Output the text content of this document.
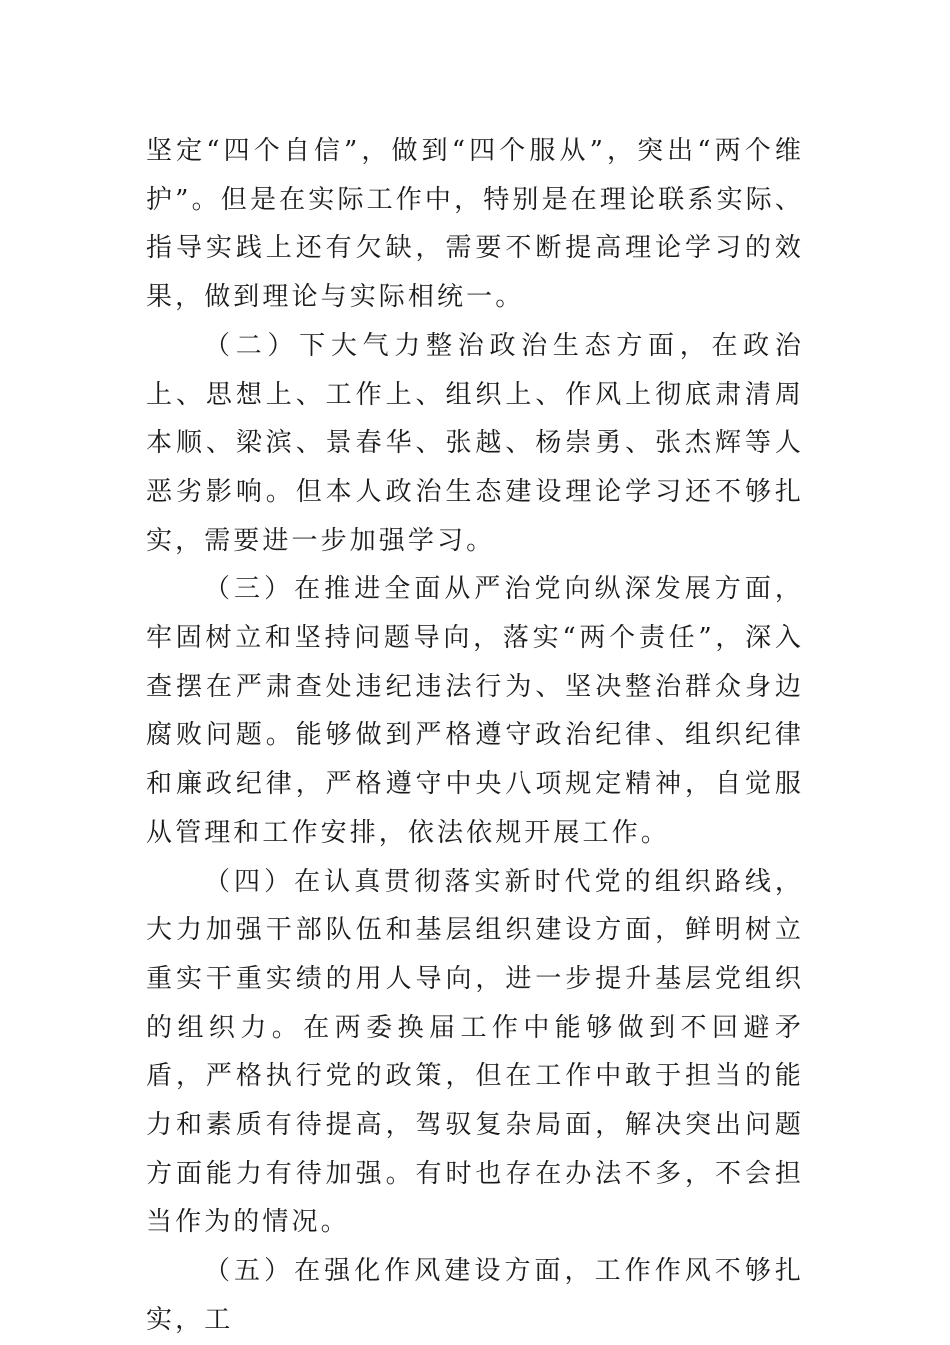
坚定“四个自信”，做到“四个服从”，突出“两个维护”。但是在实际工作中，特别是在理论联系实际、指导实践上还有欠缺，需要不断提高理论学习的效果，做到理论与实际相统一。

（二）下大气力整治政治生态方面，在政治上、思想上、工作上、组织上、作风上彻底肃清周本顺、梁滨、景春华、张越、杨崇勇、张杰辉等人恶劣影响。但本人政治生态建设理论学习还不够扎实，需要进一步加强学习。

（三）在推进全面从严治党向纵深发展方面，牢固树立和坚持问题导向，落实“两个责任”，深入查摆在严肃查处违纪违法行为、坚决整治群众身边腐败问题。能够做到严格遵守政治纪律、组织纪律和廉政纪律，严格遵守中央八项规定精神，自觉服从管理和工作安排，依法依规开展工作。

（四）在认真贯彻落实新时代党的组织路线，大力加强干部队伍和基层组织建设方面，鲜明树立重实干重实绩的用人导向，进一步提升基层党组织的组织力。在两委换届工作中能够做到不回避矛盾，严格执行党的政策，但在工作中敢于担当的能力和素质有待提高，驾驭复杂局面，解决突出问题方面能力有待加强。有时也存在办法不多，不会担当作为的情况。

（五）在强化作风建设方面，工作作风不够扎实，工
